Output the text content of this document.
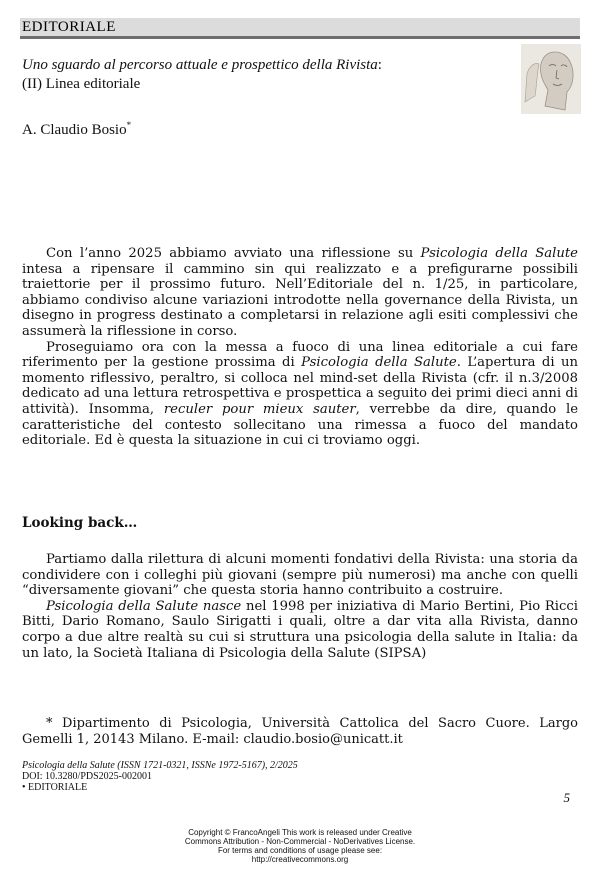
EDITORIALE
Uno sguardo al percorso attuale e prospettico della Rivista:
(II) Linea editoriale
A. Claudio Bosio*

Con l’anno 2025 abbiamo avviato una riflessione su Psicologia della Salute intesa a ripensare il cammino sin qui realizzato e a prefigurarne possibili traiettorie per il prossimo futuro. Nell’Editoriale del n. 1/25, in particolare, abbiamo condiviso alcune variazioni introdotte nella governance della Rivista, un disegno in progress destinato a completarsi in relazione agli esiti complessivi che assumerà la riflessione in corso.

Proseguiamo ora con la messa a fuoco di una linea editoriale a cui fare riferimento per la gestione prossima di Psicologia della Salute. L’apertura di un momento riflessivo, peraltro, si colloca nel mind-set della Rivista (cfr. il n.3/2008 dedicato ad una lettura retrospettiva e prospettica a seguito dei primi dieci anni di attività). Insomma, reculer pour mieux sauter, verrebbe da dire, quando le caratteristiche del contesto sollecitano una rimessa a fuoco del mandato editoriale. Ed è questa la situazione in cui ci troviamo oggi.

Looking back…

Partiamo dalla rilettura di alcuni momenti fondativi della Rivista: una storia da condividere con i colleghi più giovani (sempre più numerosi) ma anche con quelli “diversamente giovani” che questa storia hanno contribuito a costruire.

Psicologia della Salute nasce nel 1998 per iniziativa di Mario Bertini, Pio Ricci Bitti, Dario Romano, Saulo Sirigatti i quali, oltre a dar vita alla Rivista, danno corpo a due altre realtà su cui si struttura una psicologia della salute in Italia: da un lato, la Società Italiana di Psicologia della Salute (SIPSA)

* Dipartimento di Psicologia, Università Cattolica del Sacro Cuore. Largo Gemelli 1, 20143 Milano. E-mail: claudio.bosio@unicatt.it

Psicologia della Salute (ISSN 1721-0321, ISSNe 1972-5167), 2/2025
DOI: 10.3280/PDS2025-002001
• EDITORIALE
5
Copyright © FrancoAngeli This work is released under Creative
Commons Attribution - Non-Commercial - NoDerivatives License.
For terms and conditions of usage please see:
http://creativecommons.org
